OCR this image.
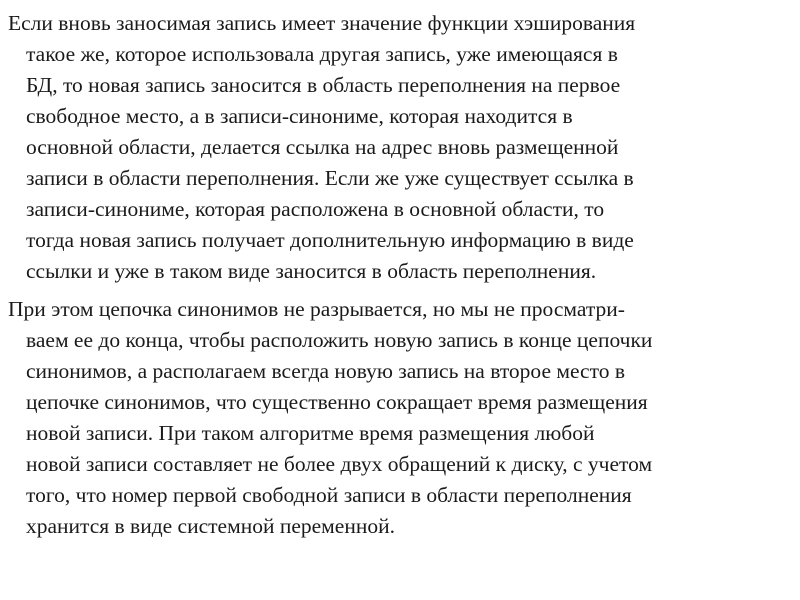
Если вновь заносимая запись имеет значение функции хэширования
такое же, которое использовала другая запись, уже имеющаяся в
БД, то новая запись заносится в область переполнения на первое
свободное место, а в записи-синониме, которая находится в
основной области, делается ссылка на адрес вновь размещенной
записи в области переполнения. Если же уже существует ссылка в
записи-синониме, которая расположена в основной области, то
тогда новая запись получает дополнительную информацию в виде
ссылки и уже в таком виде заносится в область переполнения.
При этом цепочка синонимов не разрывается, но мы не просматри-
ваем ее до конца, чтобы расположить новую запись в конце цепочки
синонимов, а располагаем всегда новую запись на второе место в
цепочке синонимов, что существенно сокращает время размещения
новой записи. При таком алгоритме время размещения любой
новой записи составляет не более двух обращений к диску, с учетом
того, что номер первой свободной записи в области переполнения
хранится в виде системной переменной.
